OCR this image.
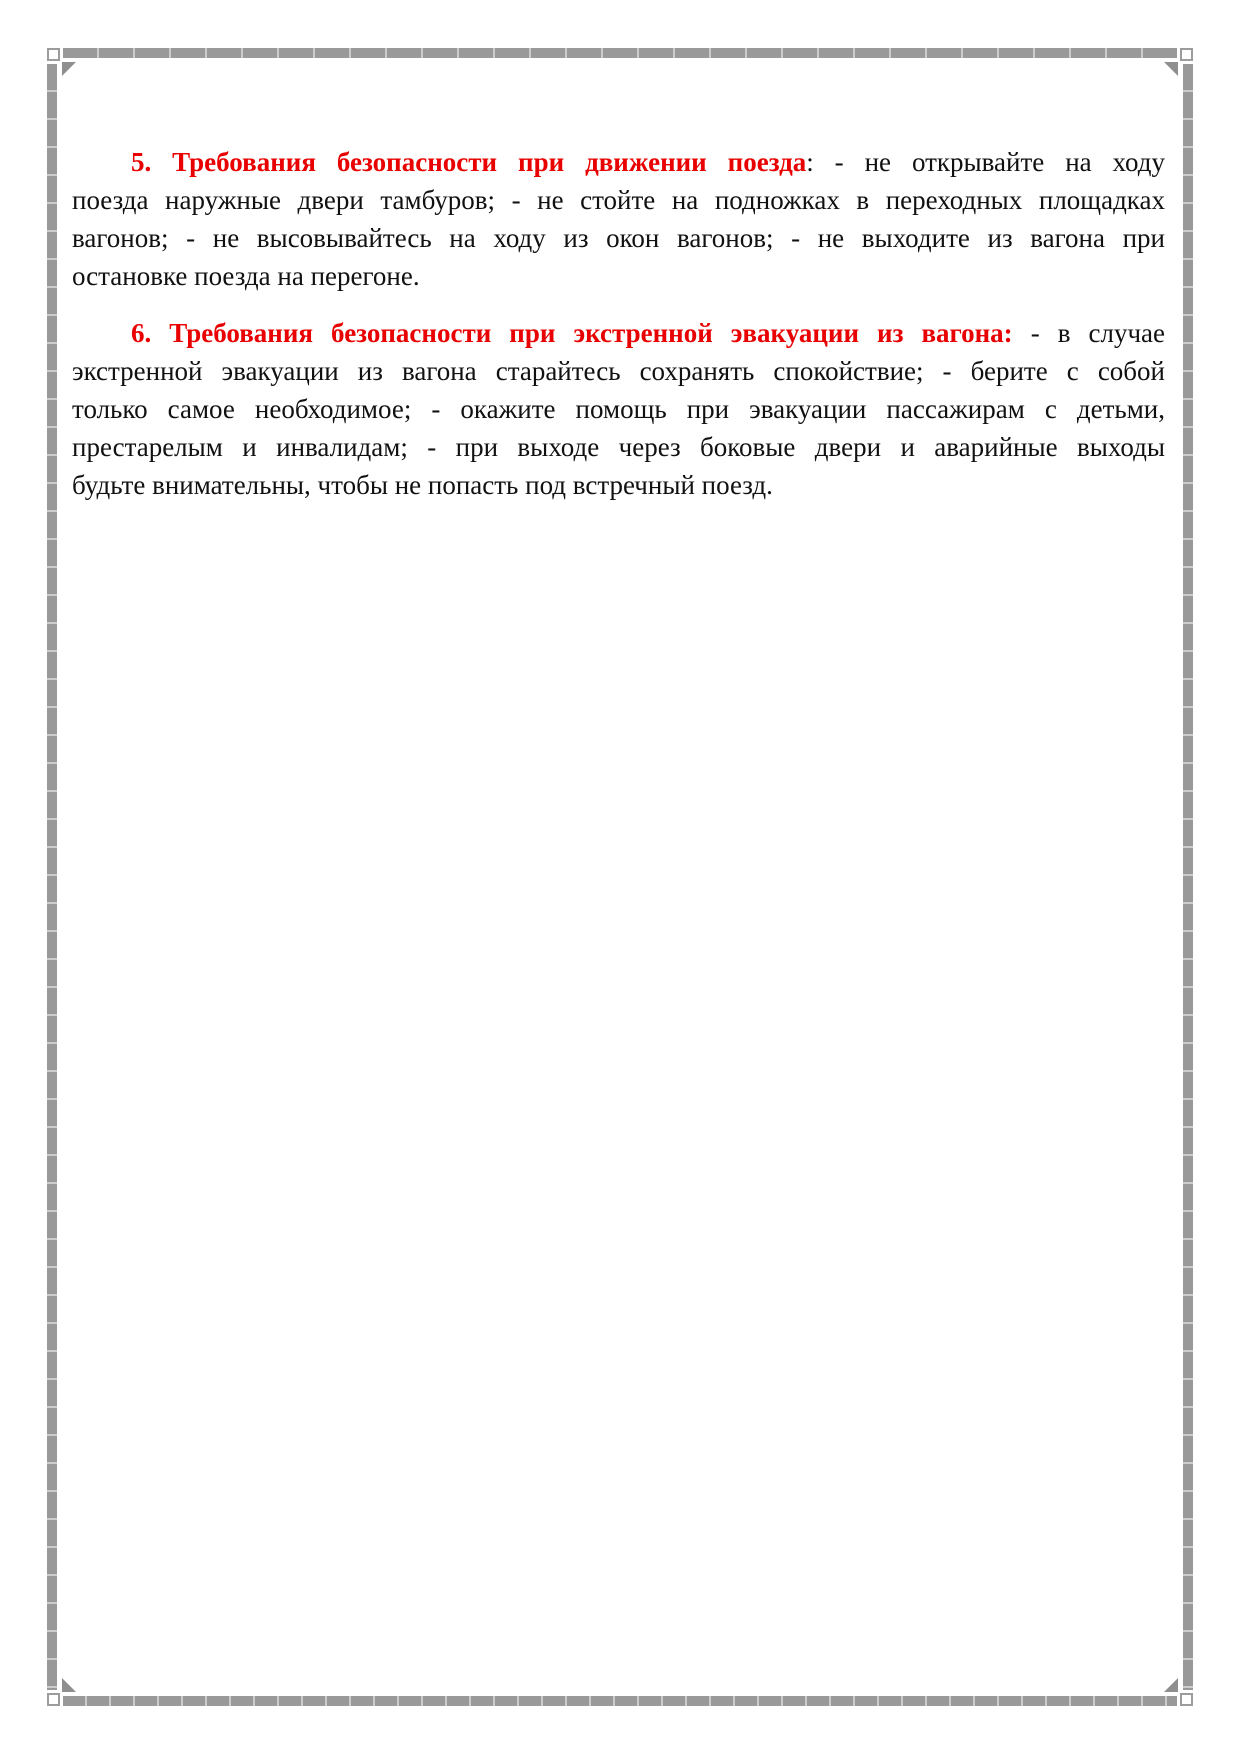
5. Требования безопасности при движении поезда: - не открывайте на ходу
поезда наружные двери тамбуров; - не стойте на подножках в переходных площадках
вагонов; - не высовывайтесь на ходу из окон вагонов; - не выходите из вагона при
остановке поезда на перегоне.
6. Требования безопасности при экстренной эвакуации из вагона: - в случае
экстренной эвакуации из вагона старайтесь сохранять спокойствие; - берите с собой
только самое необходимое; - окажите помощь при эвакуации пассажирам с детьми,
престарелым и инвалидам; - при выходе через боковые двери и аварийные выходы
будьте внимательны, чтобы не попасть под встречный поезд.
